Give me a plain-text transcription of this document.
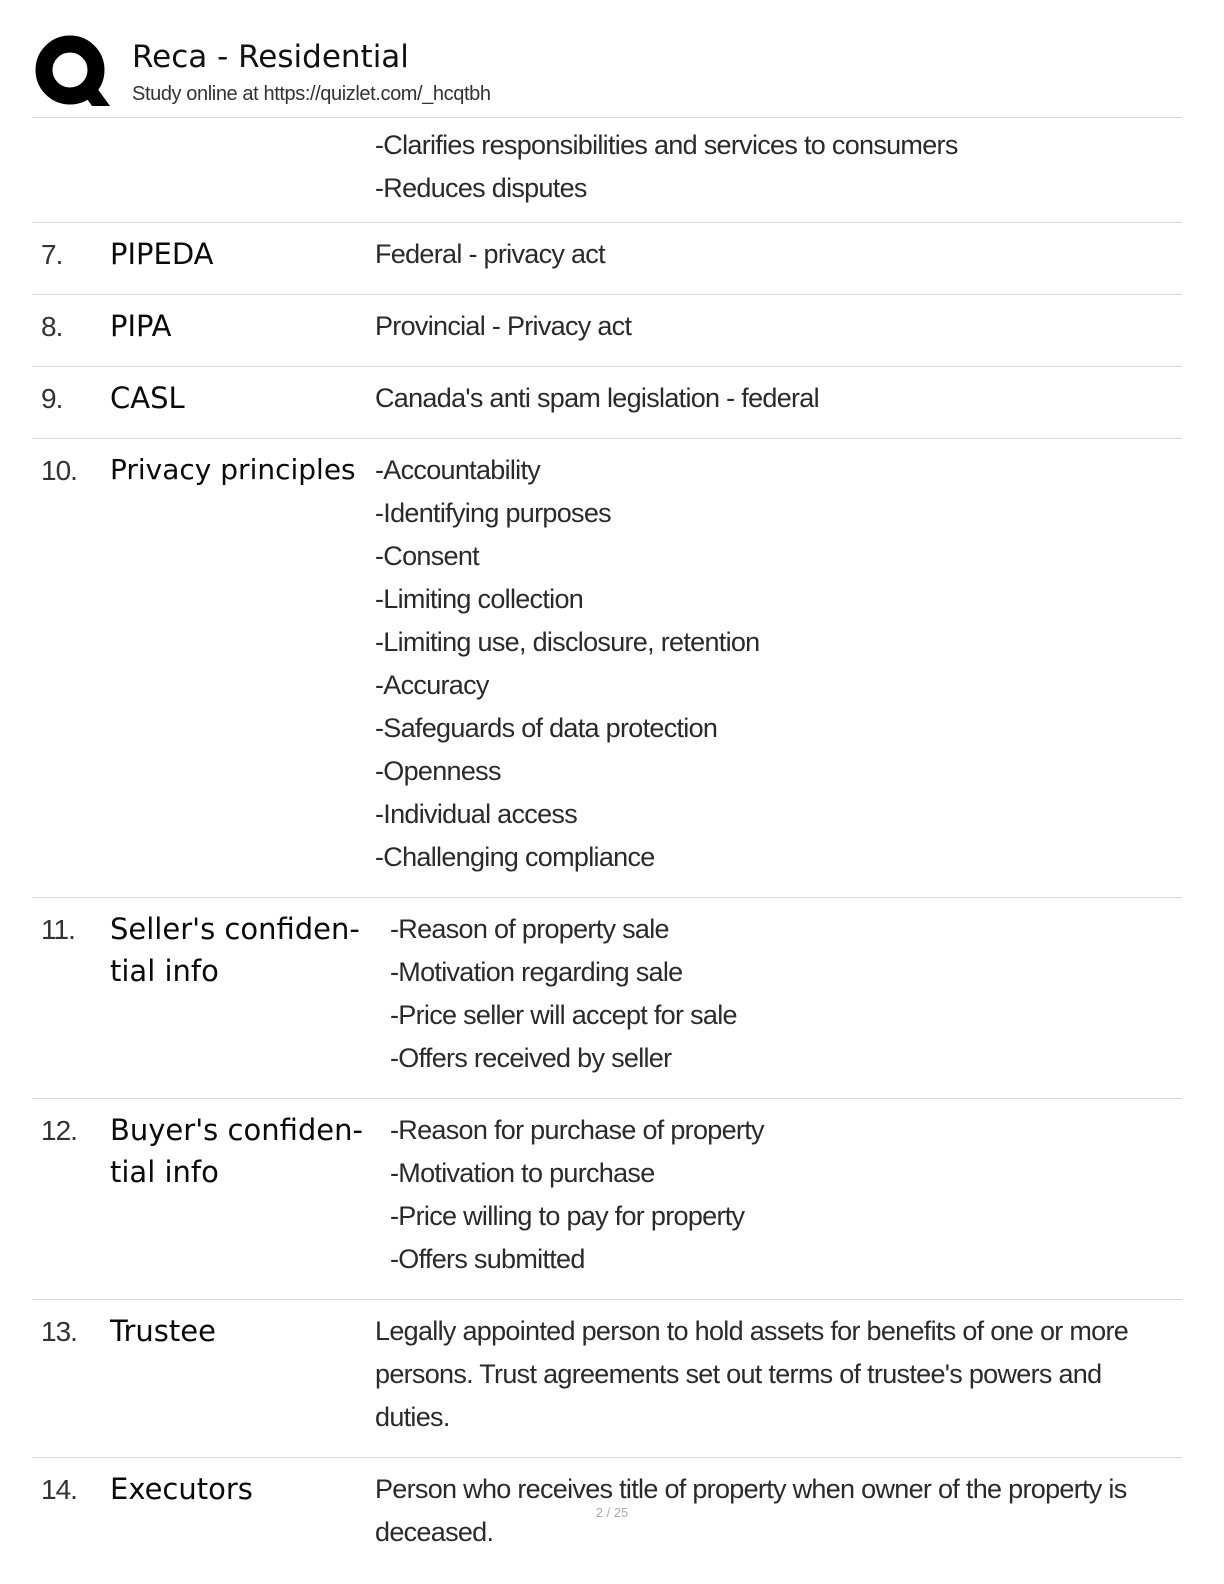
Reca - Residential
Study online at https://quizlet.com/_hcqtbh
-Clarifies responsibilities and services to consumers
-Reduces disputes
7.	PIPEDA	Federal - privacy act
8.	PIPA	Provincial - Privacy act
9.	CASL	Canada's anti spam legislation - federal
10.	Privacy principles -Accountability
-Identifying purposes
-Consent
-Limiting collection
-Limiting use, disclosure, retention
-Accuracy
-Safeguards of data protection
-Openness
-Individual access
-Challenging compliance
11.	Seller's confiden-tial info
-Reason of property sale
-Motivation regarding sale
-Price seller will accept for sale
-Offers received by seller
12.	Buyer's confiden-tial info
-Reason for purchase of property
-Motivation to purchase
-Price willing to pay for property
-Offers submitted
13.	Trustee	Legally appointed person to hold assets for benefits of one or more persons. Trust agreements set out terms of trustee's powers and duties.
14.	Executors	Person who receives title of property when owner of the property is deceased.
2 / 25
